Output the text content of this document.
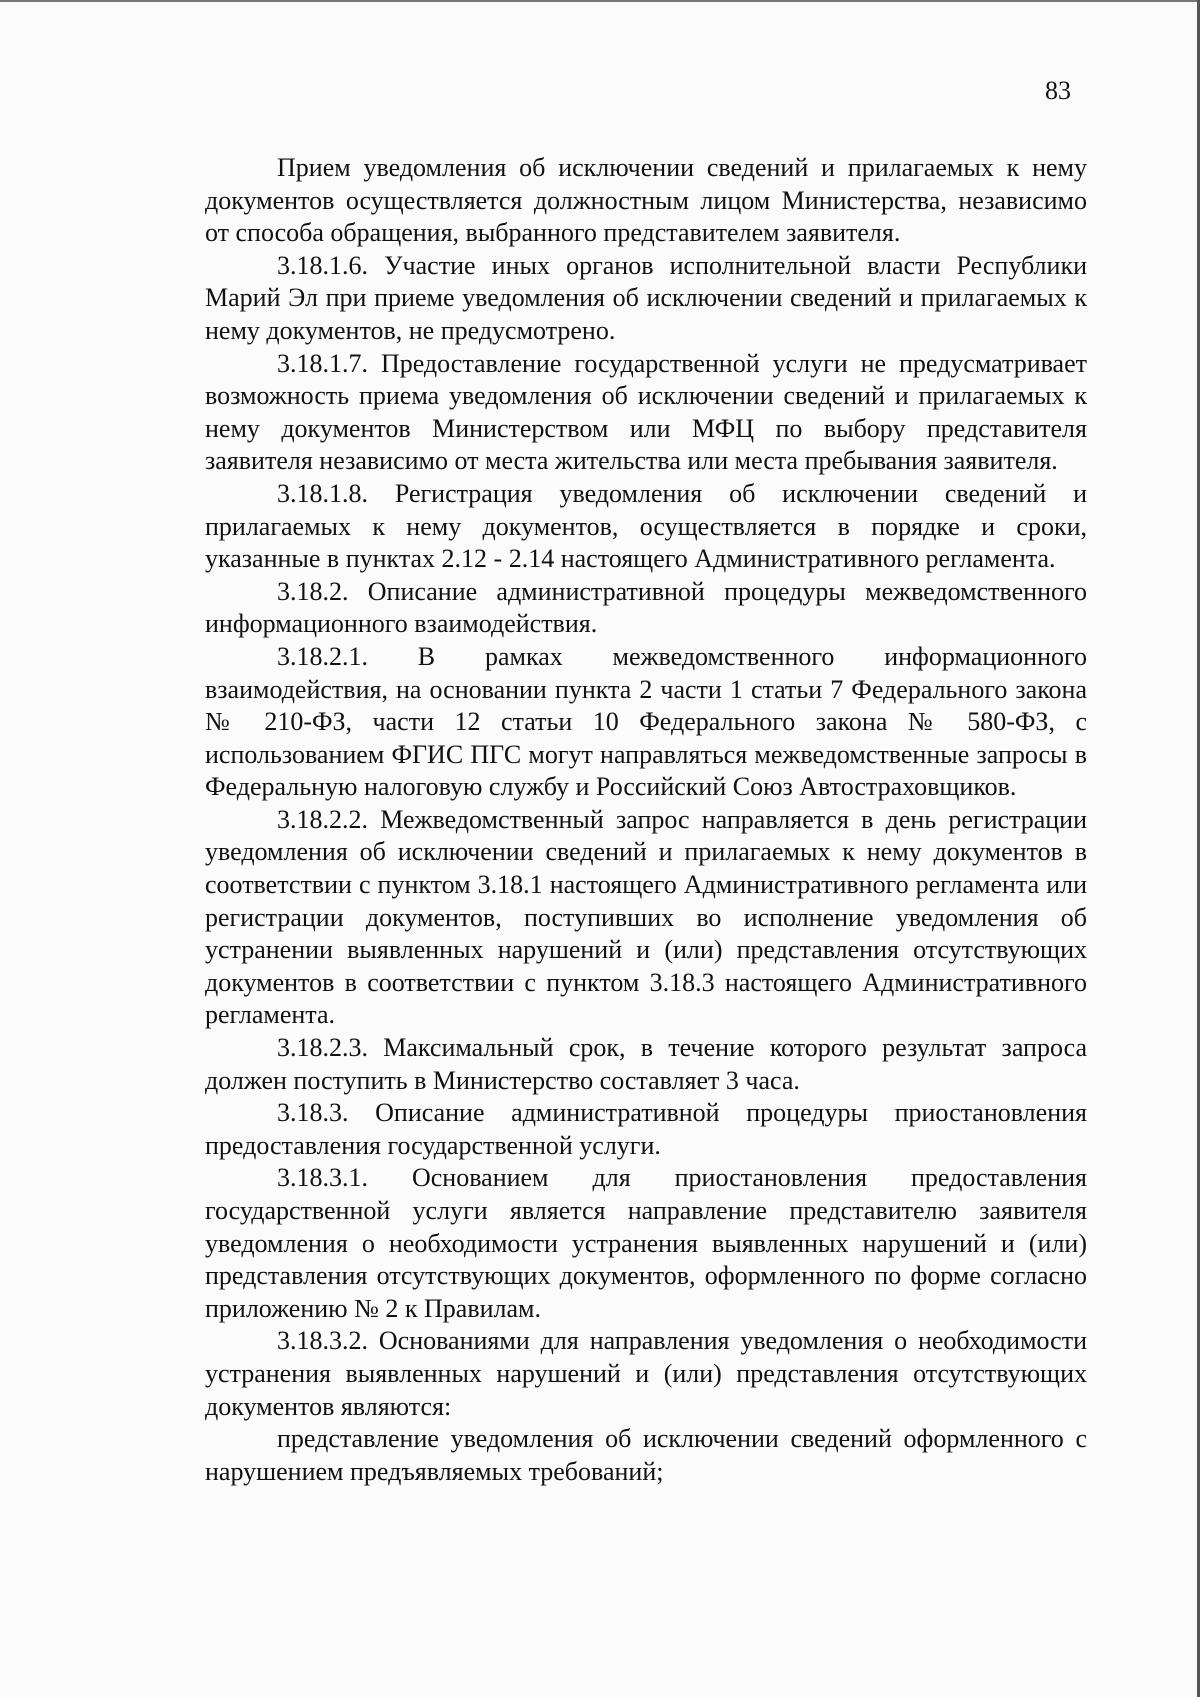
83

Прием уведомления об исключении сведений и прилагаемых к нему документов осуществляется должностным лицом Министерства, независимо от способа обращения, выбранного представителем заявителя.

3.18.1.6. Участие иных органов исполнительной власти Республики Марий Эл при приеме уведомления об исключении сведений и прилагаемых к нему документов, не предусмотрено.

3.18.1.7. Предоставление государственной услуги не предусматривает возможность приема уведомления об исключении сведений и прилагаемых к нему документов Министерством или МФЦ по выбору представителя заявителя независимо от места жительства или места пребывания заявителя.

3.18.1.8. Регистрация уведомления об исключении сведений и прилагаемых к нему документов, осуществляется в порядке и сроки, указанные в пунктах 2.12 - 2.14 настоящего Административного регламента.

3.18.2. Описание административной процедуры межведомственного информационного взаимодействия.

3.18.2.1. В рамках межведомственного информационного взаимодействия, на основании пункта 2 части 1 статьи 7 Федерального закона № 210-ФЗ, части 12 статьи 10 Федерального закона № 580-ФЗ, с использованием ФГИС ПГС могут направляться межведомственные запросы в Федеральную налоговую службу и Российский Союз Автостраховщиков.

3.18.2.2. Межведомственный запрос направляется в день регистрации уведомления об исключении сведений и прилагаемых к нему документов в соответствии с пунктом 3.18.1 настоящего Административного регламента или регистрации документов, поступивших во исполнение уведомления об устранении выявленных нарушений и (или) представления отсутствующих документов в соответствии с пунктом 3.18.3 настоящего Административного регламента.

3.18.2.3. Максимальный срок, в течение которого результат запроса должен поступить в Министерство составляет 3 часа.

3.18.3. Описание административной процедуры приостановления предоставления государственной услуги.

3.18.3.1. Основанием для приостановления предоставления государственной услуги является направление представителю заявителя уведомления о необходимости устранения выявленных нарушений и (или) представления отсутствующих документов, оформленного по форме согласно приложению № 2 к Правилам.

3.18.3.2. Основаниями для направления уведомления о необходимости устранения выявленных нарушений и (или) представления отсутствующих документов являются:

представление уведомления об исключении сведений оформленного с нарушением предъявляемых требований;
